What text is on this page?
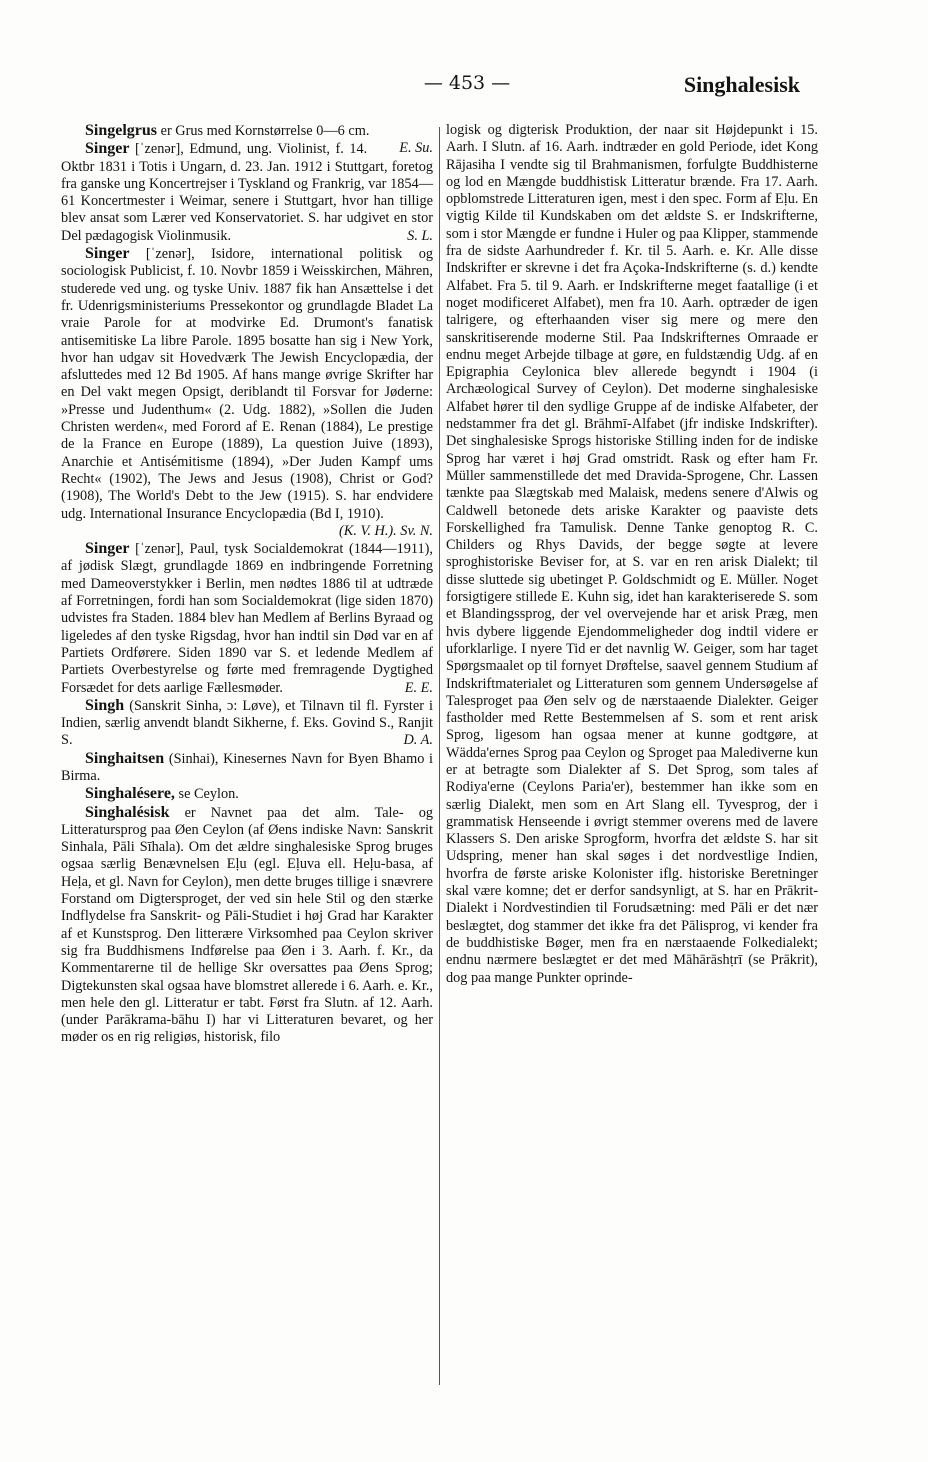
— 453 —	Singhalesisk

Singelgrus er Grus med Kornstørrelse 0—6 cm.
E. Su.

Singer [ˈzenər], Edmund, ung. Violinist, f. 14. Oktbr 1831 i Totis i Ungarn, d. 23. Jan. 1912 i Stuttgart, foretog fra ganske ung Koncertrejser i Tyskland og Frankrig, var 1854—61 Koncertmester i Weimar, senere i Stuttgart, hvor han tillige blev ansat som Lærer ved Konservatoriet. S. har udgivet en stor Del pædagogisk Violinmusik.	S. L.

Singer [ˈzenər], Isidore, international politisk og sociologisk Publicist, f. 10. Novbr 1859 i Weisskirchen, Mähren, studerede ved ung. og tyske Univ. 1887 fik han Ansættelse i det fr. Udenrigsministeriums Pressekontor og grundlagde Bladet La vraie Parole for at modvirke Ed. Drumont's fanatisk antisemitiske La libre Parole. 1895 bosatte han sig i New York, hvor han udgav sit Hovedværk The Jewish Encyclopædia, der afsluttedes med 12 Bd 1905. Af hans mange øvrige Skrifter har en Del vakt megen Opsigt, deriblandt til Forsvar for Jøderne: »Presse und Judenthum« (2. Udg. 1882), »Sollen die Juden Christen werden«, med Forord af E. Renan (1884), Le prestige de la France en Europe (1889), La question Juive (1893), Anarchie et Antisémitisme (1894), »Der Juden Kampf ums Recht« (1902), The Jews and Jesus (1908), Christ or God? (1908), The World's Debt to the Jew (1915). S. har endvidere udg. International Insurance Encyclopædia (Bd I, 1910).
(K. V. H.). Sv. N.

Singer [ˈzenər], Paul, tysk Socialdemokrat (1844—1911), af jødisk Slægt, grundlagde 1869 en indbringende Forretning med Dameoverstykker i Berlin, men nødtes 1886 til at udtræde af Forretningen, fordi han som Socialdemokrat (lige siden 1870) udvistes fra Staden. 1884 blev han Medlem af Berlins Byraad og ligeledes af den tyske Rigsdag, hvor han indtil sin Død var en af Partiets Ordførere. Siden 1890 var S. et ledende Medlem af Partiets Overbestyrelse og førte med fremragende Dygtighed Forsædet for dets aarlige Fællesmøder.	E. E.

Singh (Sanskrit Sinha, ɔ: Løve), et Tilnavn til fl. Fyrster i Indien, særlig anvendt blandt Sikherne, f. Eks. Govind S., Ranjit S.	D. A.

Singhaitsen (Sinhai), Kinesernes Navn for Byen Bhamo i Birma.

Singhalésere, se Ceylon.

Singhalésisk er Navnet paa det alm. Tale- og Litteratursprog paa Øen Ceylon (af Øens indiske Navn: Sanskrit Sinhala, Pāli Sīhala). Om det ældre singhalesiske Sprog bruges ogsaa særlig Benævnelsen Eḷu (egl. Eḷuva ell. Heḷu-basa, af Heḷa, et gl. Navn for Ceylon), men dette bruges tillige i snævrere Forstand om Digtersproget, der ved sin hele Stil og den stærke Indflydelse fra Sanskrit- og Pāli-Studiet i høj Grad har Karakter af et Kunstsprog. Den litterære Virksomhed paa Ceylon skriver sig fra Buddhismens Indførelse paa Øen i 3. Aarh. f. Kr., da Kommentarerne til de hellige Skr oversattes paa Øens Sprog; Digtekunsten skal ogsaa have blomstret allerede i 6. Aarh. e. Kr., men hele den gl. Litteratur er tabt. Først fra Slutn. af 12. Aarh. (under Parākrama-bāhu I) har vi Litteraturen bevaret, og her møder os en rig religiøs, historisk, filo

logisk og digterisk Produktion, der naar sit Højdepunkt i 15. Aarh. I Slutn. af 16. Aarh. indtræder en gold Periode, idet Kong Rājasiha I vendte sig til Brahmanismen, forfulgte Buddhisterne og lod en Mængde buddhistisk Litteratur brænde. Fra 17. Aarh. opblomstrede Litteraturen igen, mest i den spec. Form af Eḷu. En vigtig Kilde til Kundskaben om det ældste S. er Indskrifterne, som i stor Mængde er fundne i Huler og paa Klipper, stammende fra de sidste Aarhundreder f. Kr. til 5. Aarh. e. Kr. Alle disse Indskrifter er skrevne i det fra Açoka-Indskrifterne (s. d.) kendte Alfabet. Fra 5. til 9. Aarh. er Indskrifterne meget faatallige (i et noget modificeret Alfabet), men fra 10. Aarh. optræder de igen talrigere, og efterhaanden viser sig mere og mere den sanskritiserende moderne Stil. Paa Indskrifternes Omraade er endnu meget Arbejde tilbage at gøre, en fuldstændig Udg. af en Epigraphia Ceylonica blev allerede begyndt i 1904 (i Archæological Survey of Ceylon). Det moderne singhalesiske Alfabet hører til den sydlige Gruppe af de indiske Alfabeter, der nedstammer fra det gl. Brāhmī-Alfabet (jfr indiske Indskrifter). Det singhalesiske Sprogs historiske Stilling inden for de indiske Sprog har været i høj Grad omstridt. Rask og efter ham Fr. Müller sammenstillede det med Dravida-Sprogene, Chr. Lassen tænkte paa Slægtskab med Malaisk, medens senere d'Alwis og Caldwell betonede dets ariske Karakter og paaviste dets Forskellighed fra Tamulisk. Denne Tanke genoptog R. C. Childers og Rhys Davids, der begge søgte at levere sproghistoriske Beviser for, at S. var en ren arisk Dialekt; til disse sluttede sig ubetinget P. Goldschmidt og E. Müller. Noget forsigtigere stillede E. Kuhn sig, idet han karakteriserede S. som et Blandingssprog, der vel overvejende har et arisk Præg, men hvis dybere liggende Ejendommeligheder dog indtil videre er uforklarlige. I nyere Tid er det navnlig W. Geiger, som har taget Spørgsmaalet op til fornyet Drøftelse, saavel gennem Studium af Indskriftmaterialet og Litteraturen som gennem Undersøgelse af Talesproget paa Øen selv og de nærstaaende Dialekter. Geiger fastholder med Rette Bestemmelsen af S. som et rent arisk Sprog, ligesom han ogsaa mener at kunne godtgøre, at Wädda'ernes Sprog paa Ceylon og Sproget paa Malediverne kun er at betragte som Dialekter af S. Det Sprog, som tales af Rodiya'erne (Ceylons Paria'er), bestemmer han ikke som en særlig Dialekt, men som en Art Slang ell. Tyvesprog, der i grammatisk Henseende i øvrigt stemmer overens med de lavere Klassers S. Den ariske Sprogform, hvorfra det ældste S. har sit Udspring, mener han skal søges i det nordvestlige Indien, hvorfra de første ariske Kolonister iflg. historiske Beretninger skal være komne; det er derfor sandsynligt, at S. har en Prākrit-Dialekt i Nordvestindien til Forudsætning: med Pāli er det nær beslægtet, dog stammer det ikke fra det Pālisprog, vi kender fra de buddhistiske Bøger, men fra en nærstaaende Folkedialekt; endnu nærmere beslægtet er det med Māhārāshṭrī (se Prākrit), dog paa mange Punkter oprinde-
